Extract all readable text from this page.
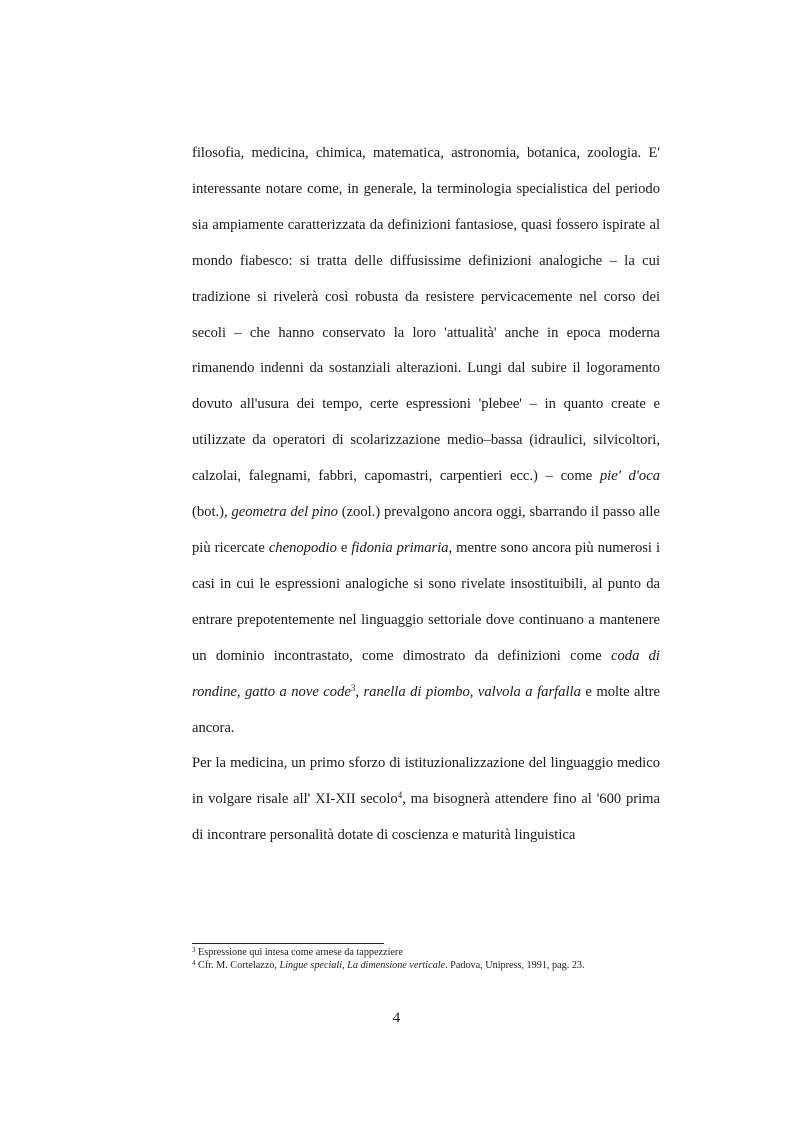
filosofia, medicina, chimica, matematica, astronomia, botanica, zoologia. E' interessante notare come, in generale, la terminologia specialistica del periodo sia ampiamente caratterizzata da definizioni fantasiose, quasi fossero ispirate al mondo fiabesco: si tratta delle diffusissime definizioni analogiche – la cui tradizione si rivelerà così robusta da resistere pervicacemente nel corso dei secoli – che hanno conservato la loro 'attualità' anche in epoca moderna rimanendo indenni da sostanziali alterazioni. Lungi dal subire il logoramento dovuto all'usura dei tempo, certe espressioni 'plebee' – in quanto create e utilizzate da operatori di scolarizzazione medio–bassa (idraulici, silvicoltori, calzolai, falegnami, fabbri, capomastri, carpentieri ecc.) – come pie' d'oca (bot.), geometra del pino (zool.) prevalgono ancora oggi, sbarrando il passo alle più ricercate chenopodio e fidonia primaria, mentre sono ancora più numerosi i casi in cui le espressioni analogiche si sono rivelate insostituibili, al punto da entrare prepotentemente nel linguaggio settoriale dove continuano a mantenere un dominio incontrastato, come dimostrato da definizioni come coda di rondine, gatto a nove code$^3$, ranella di piombo, valvola a farfalla e molte altre ancora.

Per la medicina, un primo sforzo di istituzionalizzazione del linguaggio medico in volgare risale all' XI-XII secolo$^4$, ma bisognerà attendere fino al '600 prima di incontrare personalità dotate di coscienza e maturità linguistica

$^3$ Espressione qui intesa come arnese da tappezziere

$^4$ Cfr. M. Cortelazzo, Lingue speciali, La dimensione verticale. Padova, Unipress, 1991, pag. 23.

4
